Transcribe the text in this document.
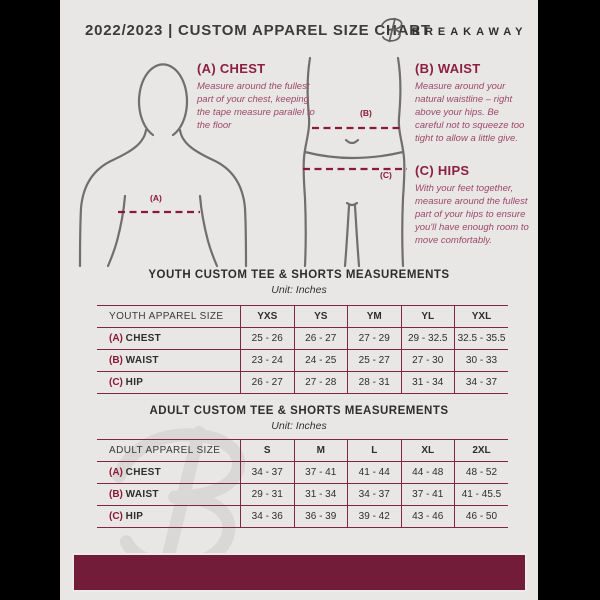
2022/2023 | CUSTOM APPAREL SIZE CHART
BREAKAWAY
(A)
(B)
(C)
(A) CHEST
Measure around the fullest part of your chest, keeping the tape measure parallel to the floor
(B) WAIST
Measure around your natural waistline – right above your hips. Be careful not to squeeze too tight to allow a little give.
(C) HIPS
With your feet together, measure around the fullest part of your hips to ensure you'll have enough room to move comfortably.
YOUTH CUSTOM TEE & SHORTS MEASUREMENTS
Unit: Inches
YOUTH APPAREL SIZE	YXS	YS	YM	YL	YXL
(A) CHEST	25 - 26	26 - 27	27 - 29	29 - 32.5	32.5 - 35.5
(B) WAIST	23 - 24	24 - 25	25 - 27	27 - 30	30 - 33
(C) HIP	26 - 27	27 - 28	28 - 31	31 - 34	34 - 37
ADULT CUSTOM TEE & SHORTS MEASUREMENTS
Unit: Inches
ADULT APPAREL SIZE	S	M	L	XL	2XL
(A) CHEST	34 - 37	37 - 41	41 - 44	44 - 48	48 - 52
(B) WAIST	29 - 31	31 - 34	34 - 37	37 - 41	41 - 45.5
(C) HIP	34 - 36	36 - 39	39 - 42	43 - 46	46 - 50
